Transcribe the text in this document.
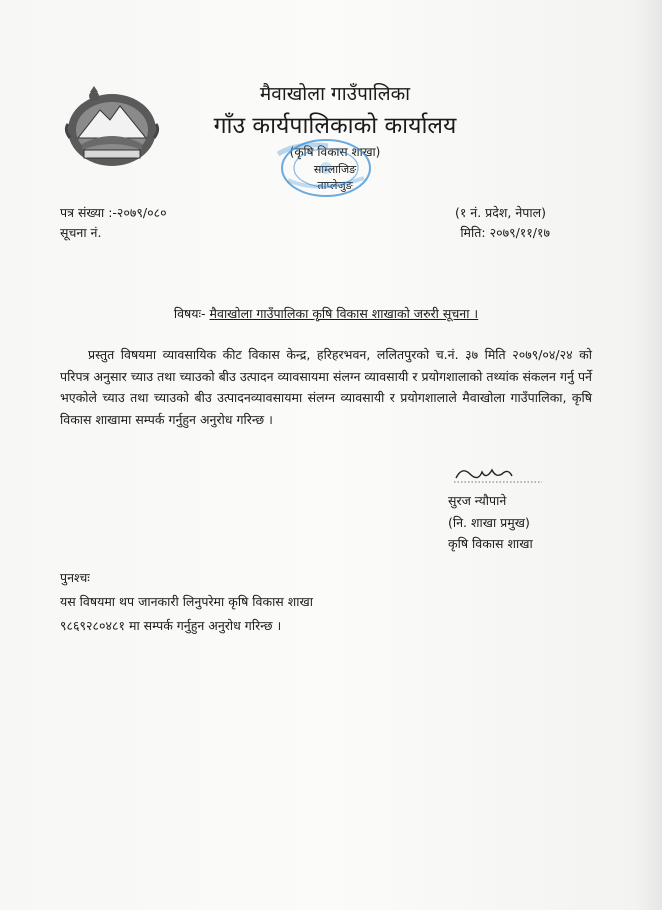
मैवाखोला गाउँपालिका
गाँउ कार्यपालिकाको कार्यालय
(कृषि विकास शाखा)
साम्लाजिङ
ताप्लेजुङ
पत्र संख्या :-२०७९/०८०
सूचना नं.
(१ नं. प्रदेश, नेपाल)
मिति: २०७९/११/१७
विषयः- मैवाखोला गाउँपालिका कृषि विकास शाखाको जरुरी सूचना ।
प्रस्तुत विषयमा व्यावसायिक कीट विकास केन्द्र, हरिहरभवन, ललितपुरको च.नं. ३७ मिति २०७९/०४/२४ को परिपत्र अनुसार च्याउ तथा च्याउको बीउ उत्पादन व्यावसायमा संलग्न व्यावसायी र प्रयोगशालाको तथ्यांक संकलन गर्नु पर्ने भएकोले च्याउ तथा च्याउको बीउ उत्पादनव्यावसायमा संलग्न व्यावसायी र प्रयोगशालाले मैवाखोला गाउँपालिका, कृषि विकास शाखामा सम्पर्क गर्नुहुन अनुरोध गरिन्छ ।
सुरज न्यौपाने
(नि. शाखा प्रमुख)
कृषि विकास शाखा
पुनश्चः
यस विषयमा थप जानकारी लिनुपरेमा कृषि विकास शाखा
९८६९२८०४८१ मा सम्पर्क गर्नुहुन अनुरोध गरिन्छ ।
